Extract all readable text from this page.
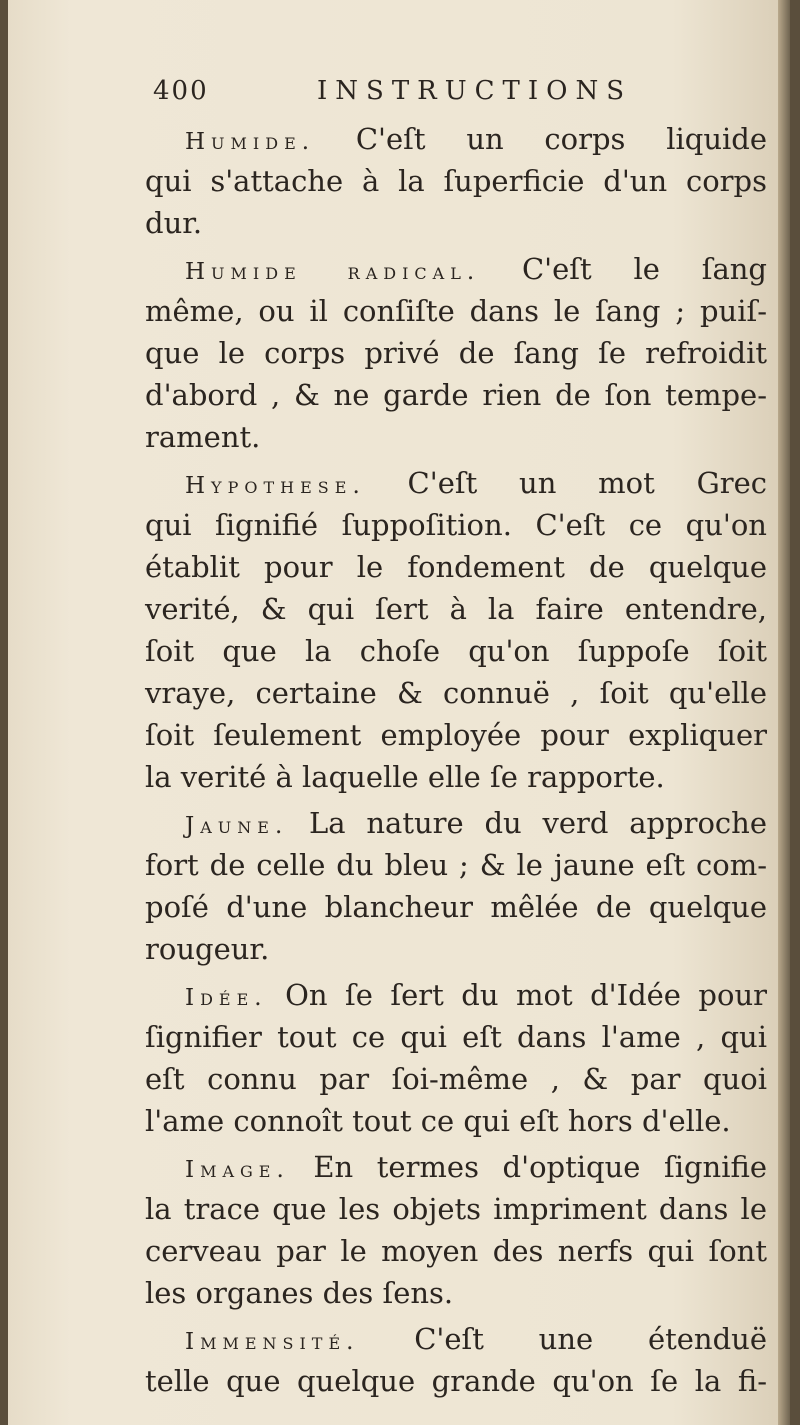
400	INSTRUCTIONS
Humide. C'eſt un corps liquide
qui s'attache à la ſuperficie d'un corps
dur.
Humide radical. C'eſt le ſang
même, ou il conſiſte dans le ſang ; puiſ-
que le corps privé de ſang ſe refroidit
d'abord , & ne garde rien de ſon tempe-
rament.
Hypotheſe. C'eſt un mot Grec
qui ſignifié ſuppoſition. C'eſt ce qu'on
établit pour le fondement de quelque
verité, & qui ſert à la faire entendre,
ſoit que la choſe qu'on ſuppoſe ſoit
vraye, certaine & connuë , ſoit qu'elle
ſoit ſeulement employée pour expliquer
la verité à laquelle elle ſe rapporte.
Jaune. La nature du verd approche
fort de celle du bleu ; & le jaune eſt com-
poſé d'une blancheur mêlée de quelque
rougeur.
Idée. On ſe ſert du mot d'Idée pour
ſignifier tout ce qui eſt dans l'ame , qui
eſt connu par ſoi-même , & par quoi
l'ame connoît tout ce qui eſt hors d'elle.
Image. En termes d'optique ſignifie
la trace que les objets impriment dans le
cerveau par le moyen des nerfs qui ſont
les organes des ſens.
Immenſité. C'eſt une étenduë
telle que quelque grande qu'on ſe la fi-
